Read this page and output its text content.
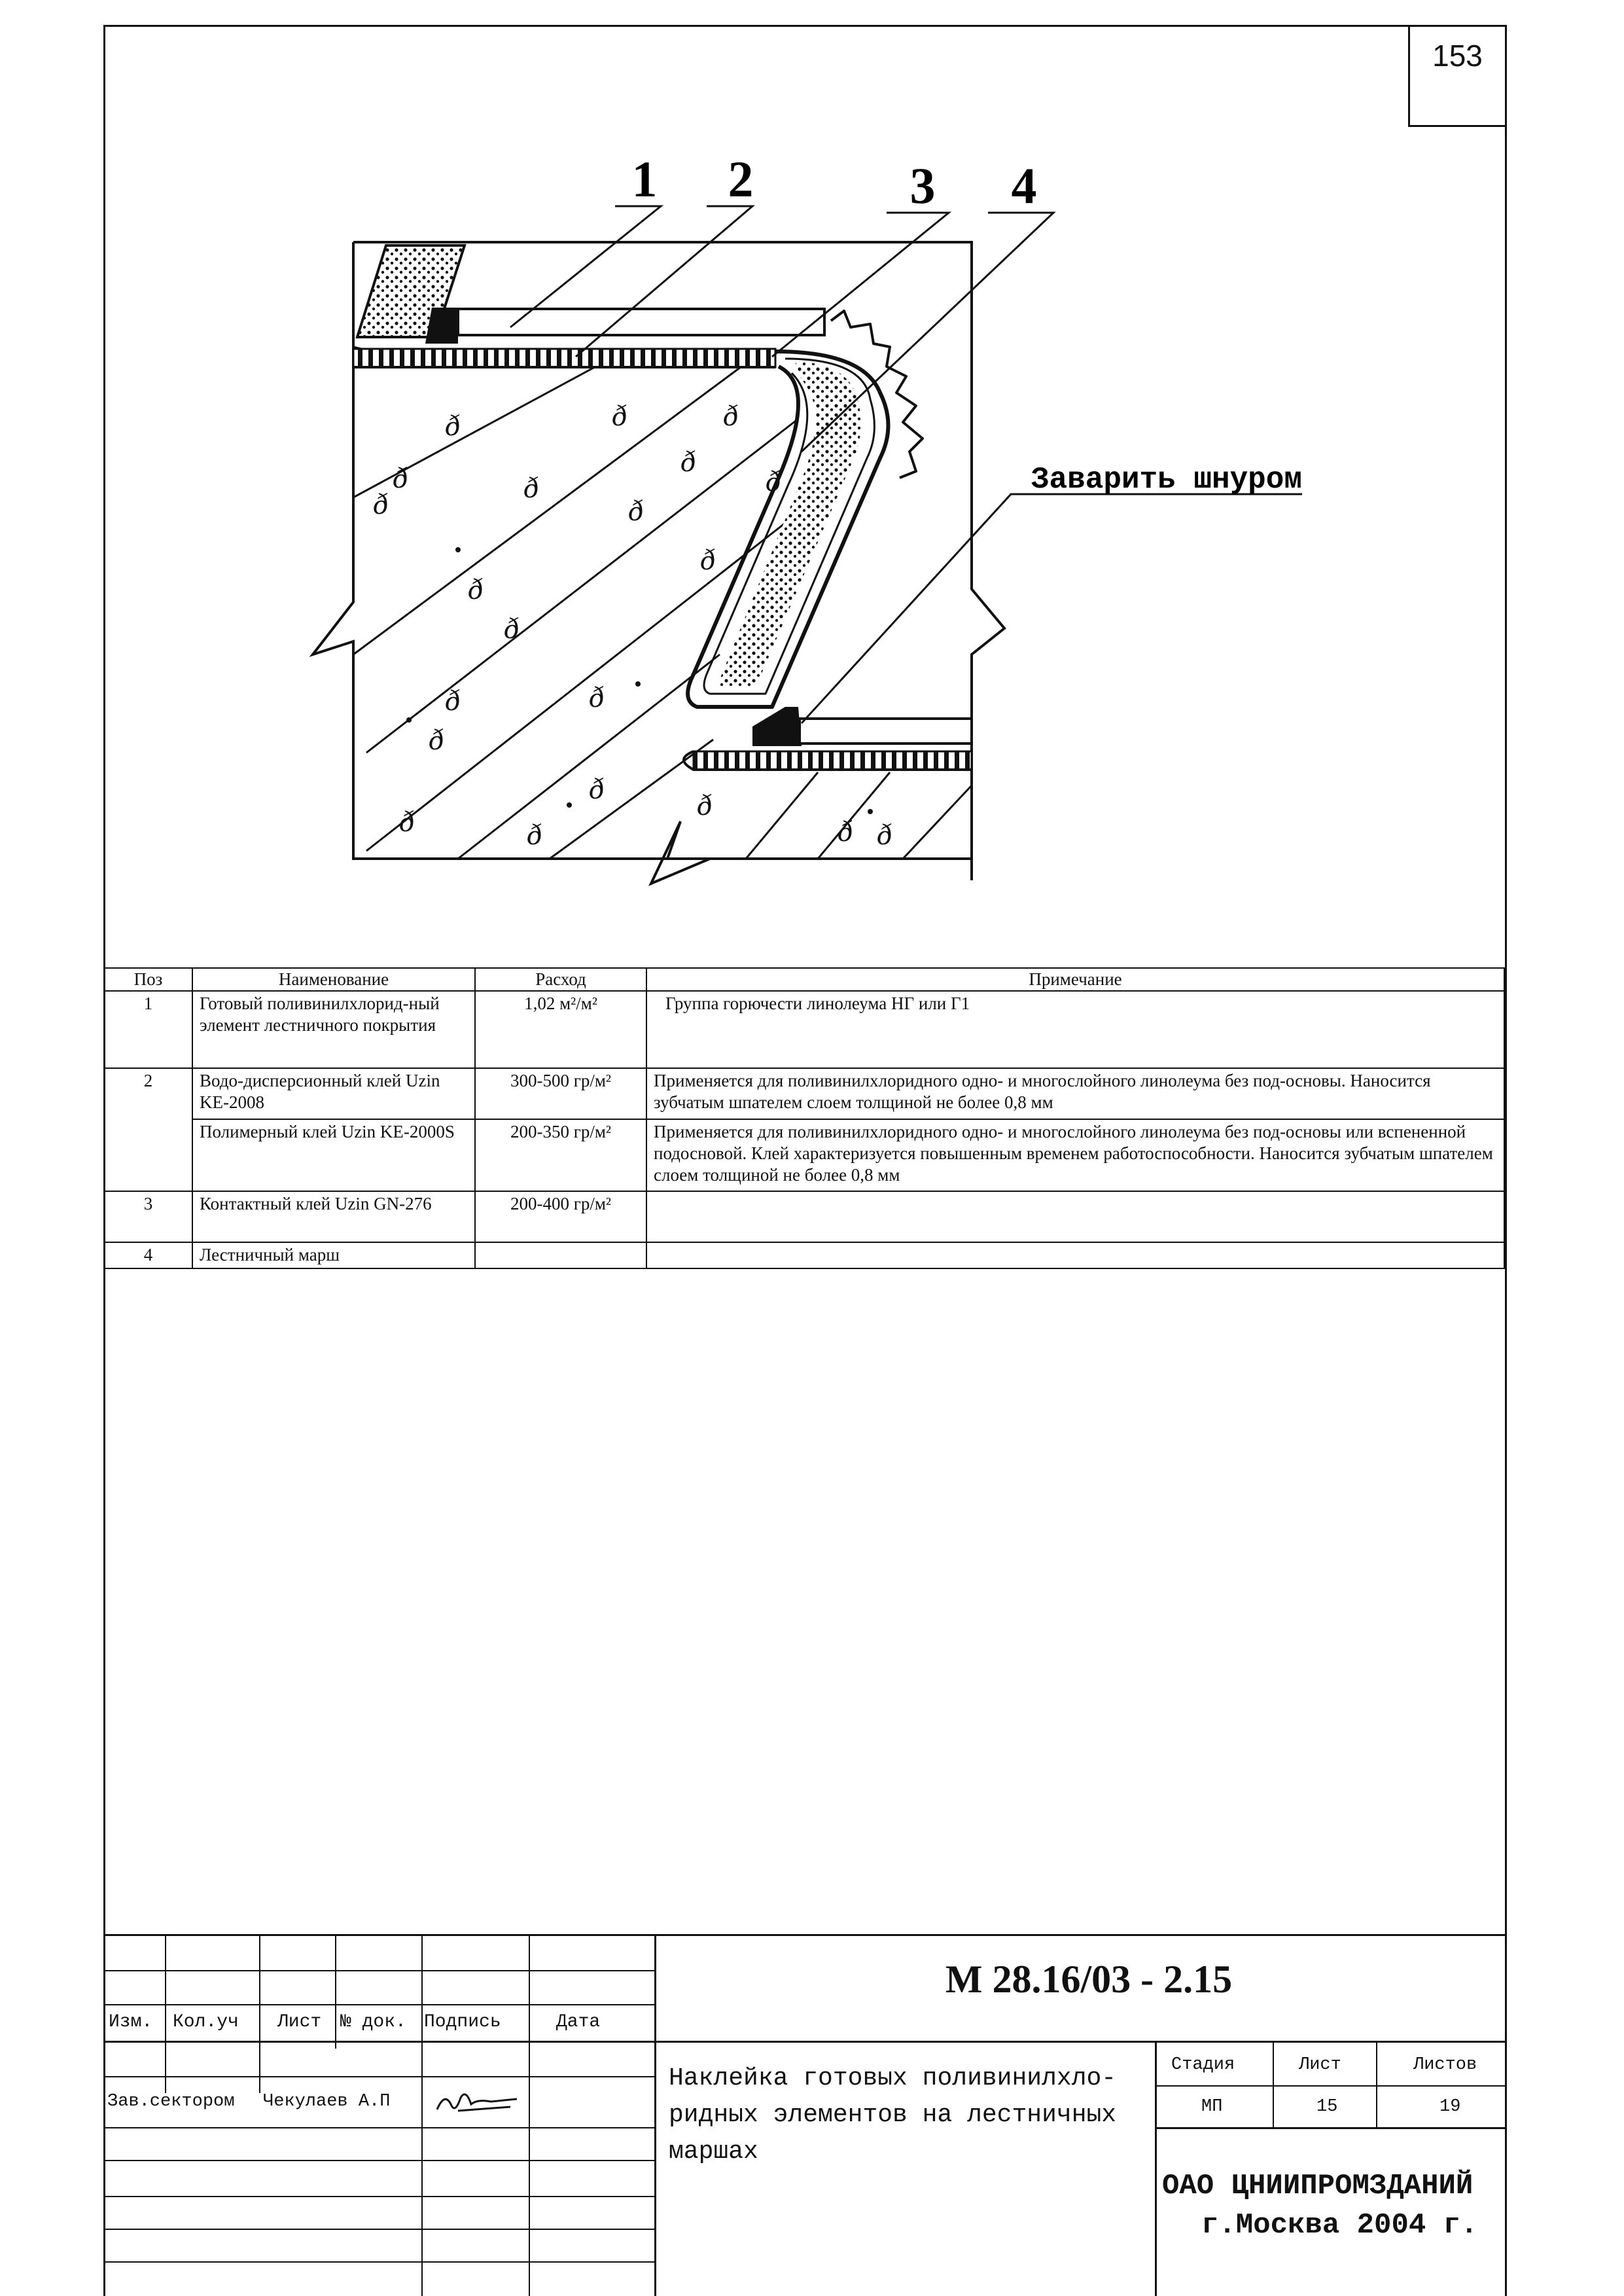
153
ð	ð	ð
ð	ð
ð
ð
ð	ð
ð
ð
ð
ð	ð
ð
ð	ð
ð	ð	ð ð
1 2	3 4
Заварить шнуром
Поз	Наименование	Расход	Примечание
1	Готовый поливинилхлорид-ный элемент лестничного покрытия	1,02 м²/м²	Группа горючести линолеума НГ или Г1
2	Водо-дисперсионный клей Uzin KE-2008	300-500 гр/м²	Применяется для поливинилхлоридного одно- и многослойного линолеума без под-основы. Наносится зубчатым шпателем слоем толщиной не более 0,8 мм
	Полимерный клей Uzin KE-2000S	200-350 гр/м²	Применяется для поливинилхлоридного одно- и многослойного линолеума без под-основы или вспененной подосновой. Клей характеризуется повышенным временем работоспособности. Наносится зубчатым шпателем слоем толщиной не более 0,8 мм
3	Контактный клей Uzin GN-276	200-400 гр/м²	
4	Лестничный марш		
М 28.16/03 - 2.15
Изм. Кол.уч Лист № док. Подпись	Дата
Зав.сектором Чекулаев А.П
Наклейка готовых поливинилхло-ридных элементов на лестничных маршах
Стадия	Лист	Листов
МП	15	19
ОАО ЦНИИПРОМЗДАНИЙ
г.Москва 2004 г.
